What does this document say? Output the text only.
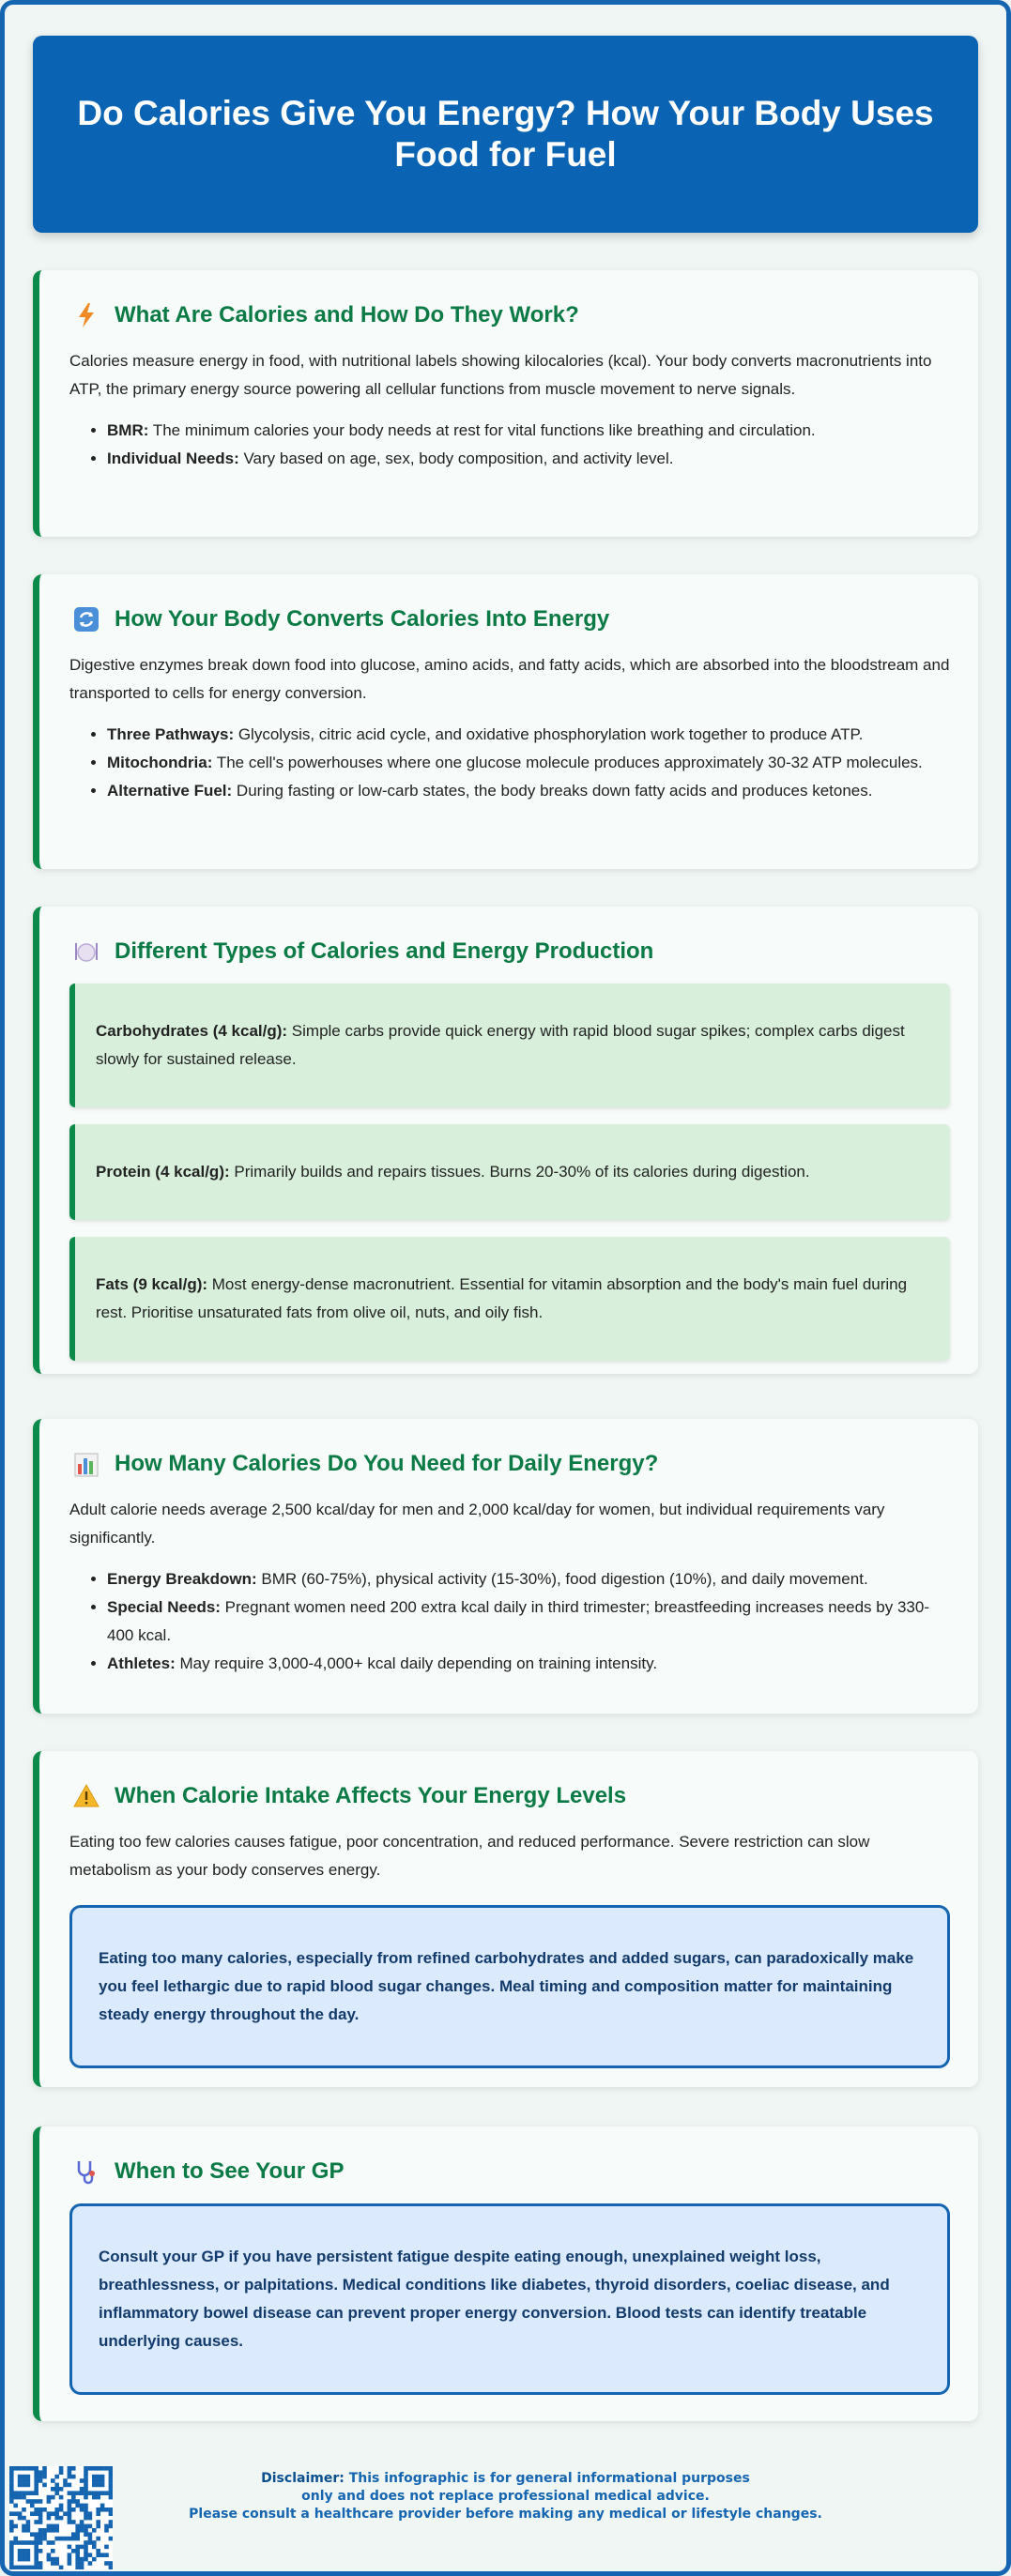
Do Calories Give You Energy? How Your Body Uses Food for Fuel
What Are Calories and How Do They Work?

Calories measure energy in food, with nutritional labels showing kilocalories (kcal). Your body converts macronutrients into ATP, the primary energy source powering all cellular functions from muscle movement to nerve signals.

• BMR: The minimum calories your body needs at rest for vital functions like breathing and circulation.
• Individual Needs: Vary based on age, sex, body composition, and activity level.
How Your Body Converts Calories Into Energy

Digestive enzymes break down food into glucose, amino acids, and fatty acids, which are absorbed into the bloodstream and transported to cells for energy conversion.

• Three Pathways: Glycolysis, citric acid cycle, and oxidative phosphorylation work together to produce ATP.
• Mitochondria: The cell's powerhouses where one glucose molecule produces approximately 30-32 ATP molecules.
• Alternative Fuel: During fasting or low-carb states, the body breaks down fatty acids and produces ketones.
Different Types of Calories and Energy Production
Carbohydrates (4 kcal/g): Simple carbs provide quick energy with rapid blood sugar spikes; complex carbs digest slowly for sustained release.
Protein (4 kcal/g): Primarily builds and repairs tissues. Burns 20-30% of its calories during digestion.
Fats (9 kcal/g): Most energy-dense macronutrient. Essential for vitamin absorption and the body's main fuel during rest. Prioritise unsaturated fats from olive oil, nuts, and oily fish.
How Many Calories Do You Need for Daily Energy?

Adult calorie needs average 2,500 kcal/day for men and 2,000 kcal/day for women, but individual requirements vary significantly.

• Energy Breakdown: BMR (60-75%), physical activity (15-30%), food digestion (10%), and daily movement.
• Special Needs: Pregnant women need 200 extra kcal daily in third trimester; breastfeeding increases needs by 330-400 kcal.
• Athletes: May require 3,000-4,000+ kcal daily depending on training intensity.
When Calorie Intake Affects Your Energy Levels

Eating too few calories causes fatigue, poor concentration, and reduced performance. Severe restriction can slow metabolism as your body conserves energy.

Eating too many calories, especially from refined carbohydrates and added sugars, can paradoxically make you feel lethargic due to rapid blood sugar changes. Meal timing and composition matter for maintaining steady energy throughout the day.
When to See Your GP
Consult your GP if you have persistent fatigue despite eating enough, unexplained weight loss, breathlessness, or palpitations. Medical conditions like diabetes, thyroid disorders, coeliac disease, and inflammatory bowel disease can prevent proper energy conversion. Blood tests can identify treatable underlying causes.
Disclaimer: This infographic is for general informational purposes
only and does not replace professional medical advice.
Please consult a healthcare provider before making any medical or lifestyle changes.
